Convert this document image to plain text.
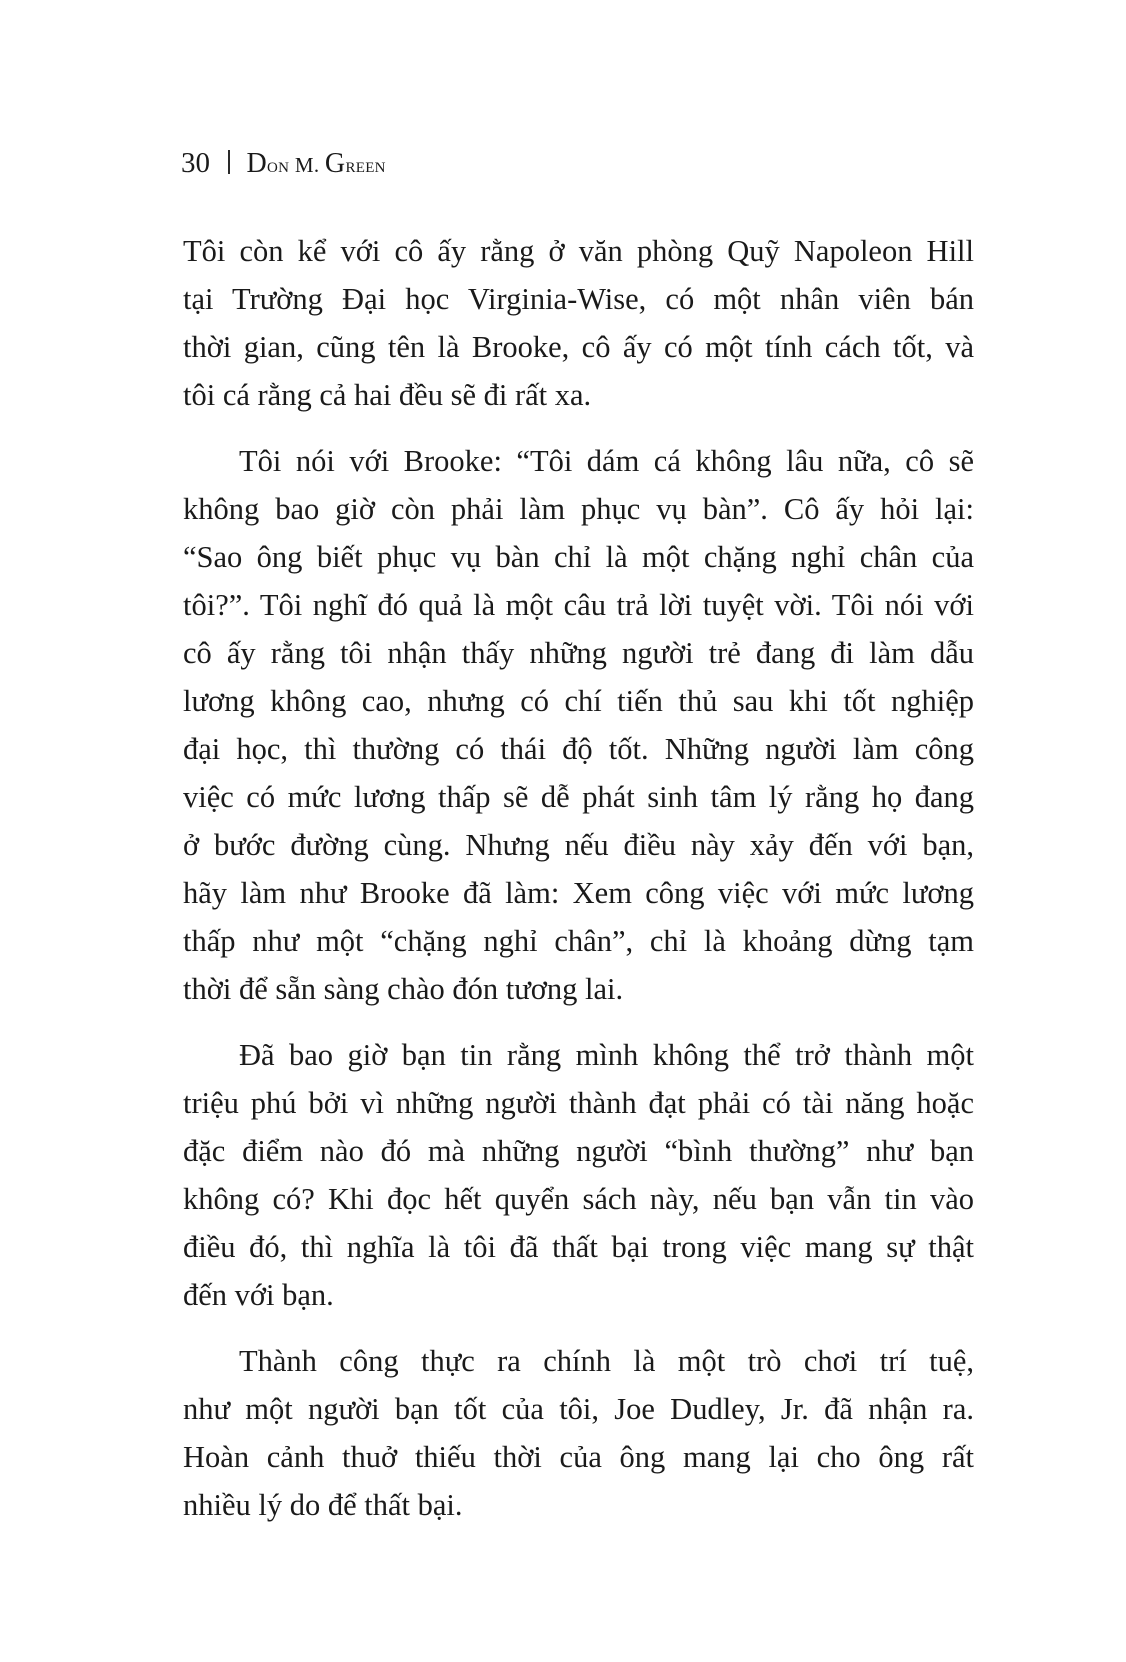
30 Don M. Green
Tôi còn kể với cô ấy rằng ở văn phòng Quỹ Napoleon Hill
tại Trường Đại học Virginia-Wise, có một nhân viên bán
thời gian, cũng tên là Brooke, cô ấy có một tính cách tốt, và
tôi cá rằng cả hai đều sẽ đi rất xa.
Tôi nói với Brooke: “Tôi dám cá không lâu nữa, cô sẽ
không bao giờ còn phải làm phục vụ bàn”. Cô ấy hỏi lại:
“Sao ông biết phục vụ bàn chỉ là một chặng nghỉ chân của
tôi?”. Tôi nghĩ đó quả là một câu trả lời tuyệt vời. Tôi nói với
cô ấy rằng tôi nhận thấy những người trẻ đang đi làm dẫu
lương không cao, nhưng có chí tiến thủ sau khi tốt nghiệp
đại học, thì thường có thái độ tốt. Những người làm công
việc có mức lương thấp sẽ dễ phát sinh tâm lý rằng họ đang
ở bước đường cùng. Nhưng nếu điều này xảy đến với bạn,
hãy làm như Brooke đã làm: Xem công việc với mức lương
thấp như một “chặng nghỉ chân”, chỉ là khoảng dừng tạm
thời để sẵn sàng chào đón tương lai.
Đã bao giờ bạn tin rằng mình không thể trở thành một
triệu phú bởi vì những người thành đạt phải có tài năng hoặc
đặc điểm nào đó mà những người “bình thường” như bạn
không có? Khi đọc hết quyển sách này, nếu bạn vẫn tin vào
điều đó, thì nghĩa là tôi đã thất bại trong việc mang sự thật
đến với bạn.
Thành công thực ra chính là một trò chơi trí tuệ,
như một người bạn tốt của tôi, Joe Dudley, Jr. đã nhận ra.
Hoàn cảnh thuở thiếu thời của ông mang lại cho ông rất
nhiều lý do để thất bại.
